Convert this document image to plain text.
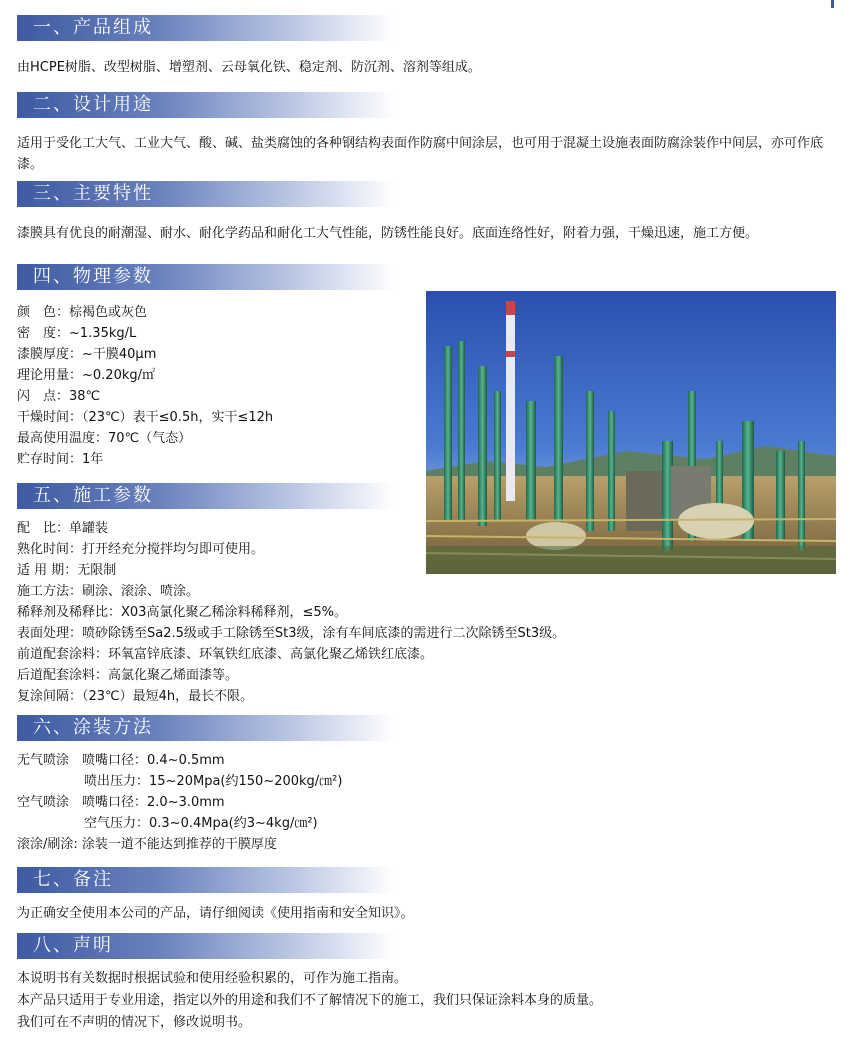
一、产品组成
由HCPE树脂、改型树脂、增塑剂、云母氧化铁、稳定剂、防沉剂、溶剂等组成。
二、设计用途
适用于受化工大气、工业大气、酸、碱、盐类腐蚀的各种钢结构表面作防腐中间涂层，也可用于混凝土设施表面防腐涂装作中间层，亦可作底漆。
三、主要特性
漆膜具有优良的耐潮湿、耐水、耐化学药品和耐化工大气性能，防锈性能良好。底面连络性好，附着力强，干燥迅速，施工方便。
四、物理参数
颜　色：棕褐色或灰色
密　度：~1.35kg/L
漆膜厚度：~干膜40μm
理论用量：~0.20kg/㎡
闪　点：38℃
干燥时间：（23℃）表干≤0.5h，实干≤12h
最高使用温度：70℃（气态）
贮存时间：1年
五、施工参数
配　比：单罐装
熟化时间：打开经充分搅拌均匀即可使用。
适 用 期：无限制
施工方法：刷涂、滚涂、喷涂。
稀释剂及稀释比：X03高氯化聚乙稀涂料稀释剂，≤5%。
表面处理：喷砂除锈至Sa2.5级或手工除锈至St3级，涂有车间底漆的需进行二次除锈至St3级。
前道配套涂料：环氧富锌底漆、环氧铁红底漆、高氯化聚乙烯铁红底漆。
后道配套涂料：高氯化聚乙烯面漆等。
复涂间隔：（23℃）最短4h，最长不限。
六、涂装方法
无气喷涂　喷嘴口径：0.4~0.5mm
喷出压力：15~20Mpa(约150~200kg/㎝²)
空气喷涂　喷嘴口径：2.0~3.0mm
空气压力：0.3~0.4Mpa(约3~4kg/㎝²)
滚涂/刷涂: 涂装一道不能达到推荐的干膜厚度
七、备注
为正确安全使用本公司的产品，请仔细阅读《使用指南和安全知识》。
八、声明
本说明书有关数据时根据试验和使用经验积累的，可作为施工指南。
本产品只适用于专业用途，指定以外的用途和我们不了解情况下的施工，我们只保证涂料本身的质量。
我们可在不声明的情况下，修改说明书。
